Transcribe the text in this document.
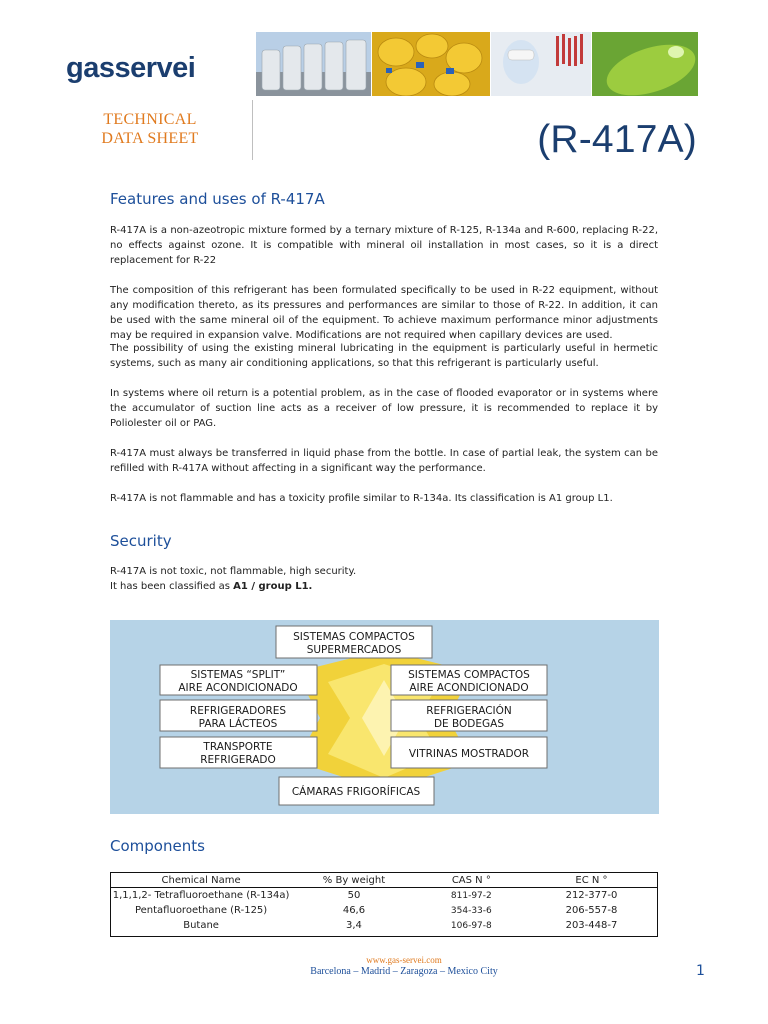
gasservei
TECHNICAL
DATA SHEET	(R-417A)
Features and uses of R-417A

R-417A is a non-azeotropic mixture formed by a ternary mixture of R-125, R-134a and R-600, replacing R-22, no effects against ozone. It is compatible with mineral oil installation in most cases, so it is a direct replacement for R-22

The composition of this refrigerant has been formulated specifically to be used in R-22 equipment, without any modification thereto, as its pressures and performances are similar to those of R-22. In addition, it can be used with the same mineral oil of the equipment. To achieve maximum performance minor adjustments may be required in expansion valve. Modifications are not required when capillary devices are used.

The possibility of using the existing mineral lubricating in the equipment is particularly useful in hermetic systems, such as many air conditioning applications, so that this refrigerant is particularly useful.

In systems where oil return is a potential problem, as in the case of flooded evaporator or in systems where the accumulator of suction line acts as a receiver of low pressure, it is recommended to replace it by Poliolester oil or PAG.

R-417A must always be transferred in liquid phase from the bottle. In case of partial leak, the system can be refilled with R-417A without affecting in a significant way the performance.

R-417A is not flammable and has a toxicity profile similar to R-134a. Its classification is A1 group L1.

Security
R-417A is not toxic, not flammable, high security.
It has been classified as A1 / group L1.
SISTEMAS COMPACTOS
SUPERMERCADOS
SISTEMAS “SPLIT”
AIRE ACONDICIONADO
REFRIGERADORES
PARA LÁCTEOS
TRANSPORTE
REFRIGERADO
SISTEMAS COMPACTOS
AIRE ACONDICIONADO
REFRIGERACIÓN
DE BODEGAS
VITRINAS MOSTRADOR
CÁMARAS FRIGORÍFICAS
Components
Chemical Name	% By weight	CAS N °	EC N °
1,1,1,2- Tetrafluoroethane (R-134a)	50	811-97-2	212-377-0
Pentafluoroethane (R-125)	46,6	354-33-6	206-557-8
Butane	3,4	106-97-8	203-448-7
www.gas-servei.com
Barcelona – Madrid – Zaragoza – Mexico City	1
